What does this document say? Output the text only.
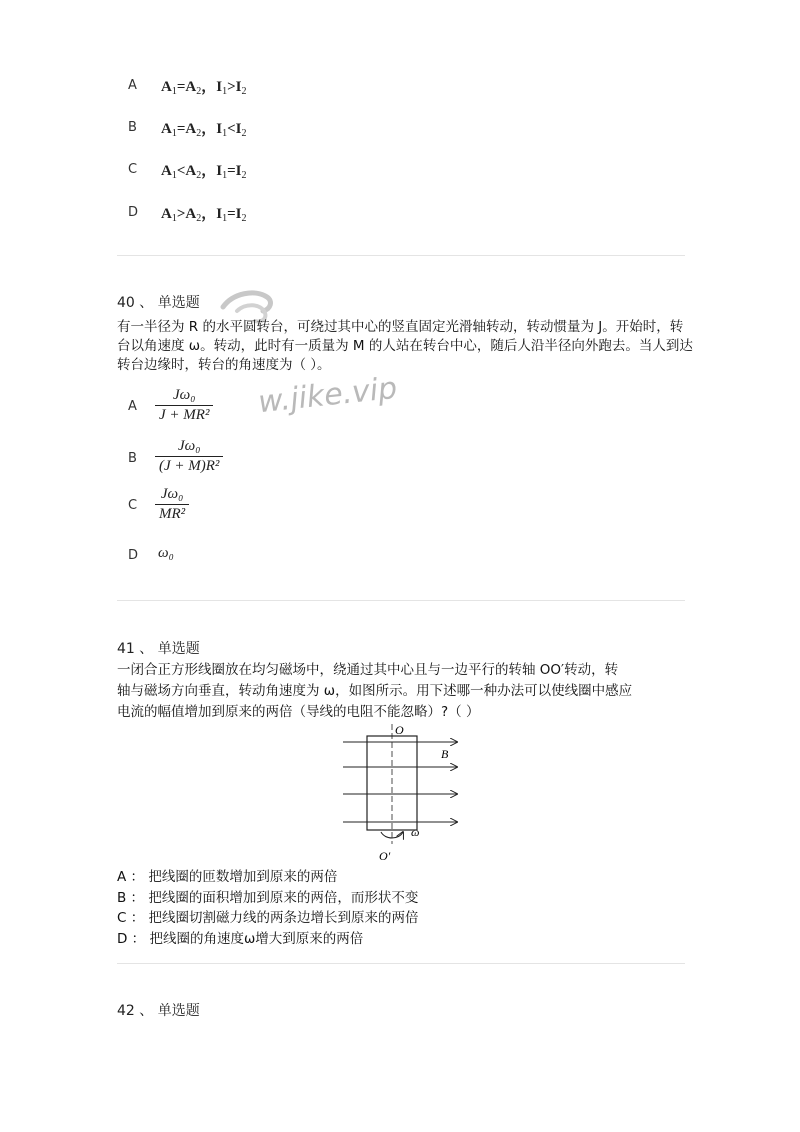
A $A_1=A_2$，$I_1>I_2$
B $A_1=A_2$，$I_1<I_2$
C $A_1<A_2$，$I_1=I_2$
D $A_1>A_2$，$I_1=I_2$
40 、 单选题
有一半径为 R 的水平圆转台，可绕过其中心的竖直固定光滑轴转动，转动惯量为 J。开始时，转
台以角速度 ω。转动，此时有一质量为 M 的人站在转台中心，随后人沿半径向外跑去。当人到达
转台边缘时，转台的角速度为（ ）。
w.jike.vip
A
Jω₀
J + MR²
B
Jω₀
(J + M)R²
C
Jω₀
MR²
D ω₀
41 、 单选题
一闭合正方形线圈放在均匀磁场中，绕通过其中心且与一边平行的转轴 OO′转动，转
轴与磁场方向垂直，转动角速度为 ω，如图所示。用下述哪一种办法可以使线圈中感应
电流的幅值增加到原来的两倍（导线的电阻不能忽略）?（ ）
O
B
ω
O′
A ： 把线圈的匝数增加到原来的两倍
B ： 把线圈的面积增加到原来的两倍，而形状不变
C ： 把线圈切割磁力线的两条边增长到原来的两倍
D ： 把线圈的角速度ω增大到原来的两倍
42 、 单选题
